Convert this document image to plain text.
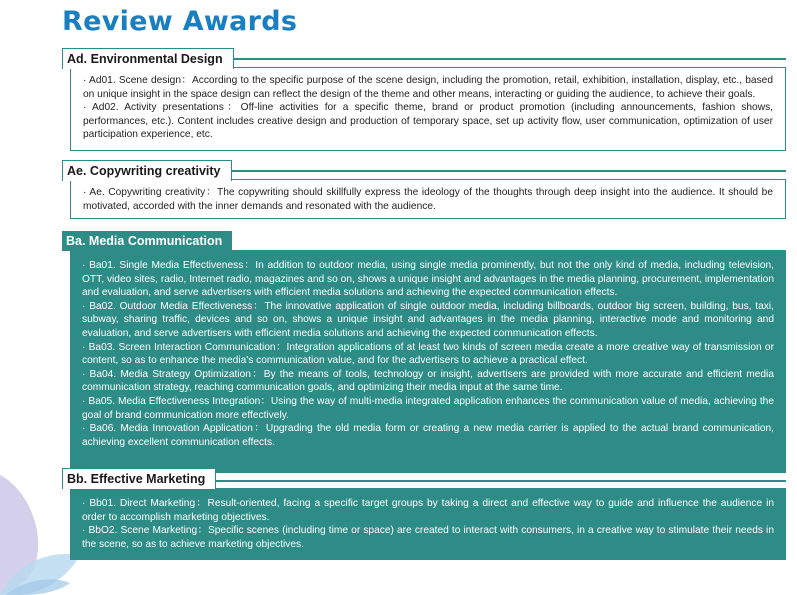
Review Awards
Ad. Environmental Design

· Ad01. Scene design：According to the specific purpose of the scene design, including the promotion, retail, exhibition, installation, display, etc., based on unique insight in the space design can reflect the design of the theme and other means, interacting or guiding the audience, to achieve their goals.

· Ad02. Activity presentations：Off-line activities for a specific theme, brand or product promotion (including announcements, fashion shows, performances, etc.). Content includes creative design and production of temporary space, set up activity flow, user communication, optimization of user participation experience, etc.

Ae. Copywriting creativity

· Ae. Copywriting creativity：The copywriting should skillfully express the ideology of the thoughts through deep insight into the audience. It should be motivated, accorded with the inner demands and resonated with the audience.

Ba. Media Communication

· Ba01. Single Media Effectiveness：In addition to outdoor media, using single media prominently, but not the only kind of media, including television, OTT, video sites, radio, Internet radio, magazines and so on, shows a unique insight and advantages in the media planning, procurement, implementation and evaluation, and serve advertisers with efficient media solutions and achieving the expected communication effects.

· Ba02. Outdoor Media Effectiveness：The innovative application of single outdoor media, including billboards, outdoor big screen, building, bus, taxi, subway, sharing traffic, devices and so on, shows a unique insight and advantages in the media planning, interactive mode and monitoring and evaluation, and serve advertisers with efficient media solutions and achieving the expected communication effects.

· Ba03. Screen Interaction Communication：Integration applications of at least two kinds of screen media create a more creative way of transmission or content, so as to enhance the media's communication value, and for the advertisers to achieve a practical effect.

· Ba04. Media Strategy Optimization：By the means of tools, technology or insight, advertisers are provided with more accurate and efficient media communication strategy, reaching communication goals, and optimizing their media input at the same time.

· Ba05. Media Effectiveness Integration：Using the way of multi-media integrated application enhances the communication value of media, achieving the goal of brand communication more effectively.

· Ba06. Media Innovation Application：Upgrading the old media form or creating a new media carrier is applied to the actual brand communication, achieving excellent communication effects.

Bb. Effective Marketing

· Bb01. Direct Marketing：Result-oriented, facing a specific target groups by taking a direct and effective way to guide and influence the audience in order to accomplish marketing objectives.

· BbO2. Scene Marketing：Specific scenes (including time or space) are created to interact with consumers, in a creative way to stimulate their needs in the scene, so as to achieve marketing objectives.
